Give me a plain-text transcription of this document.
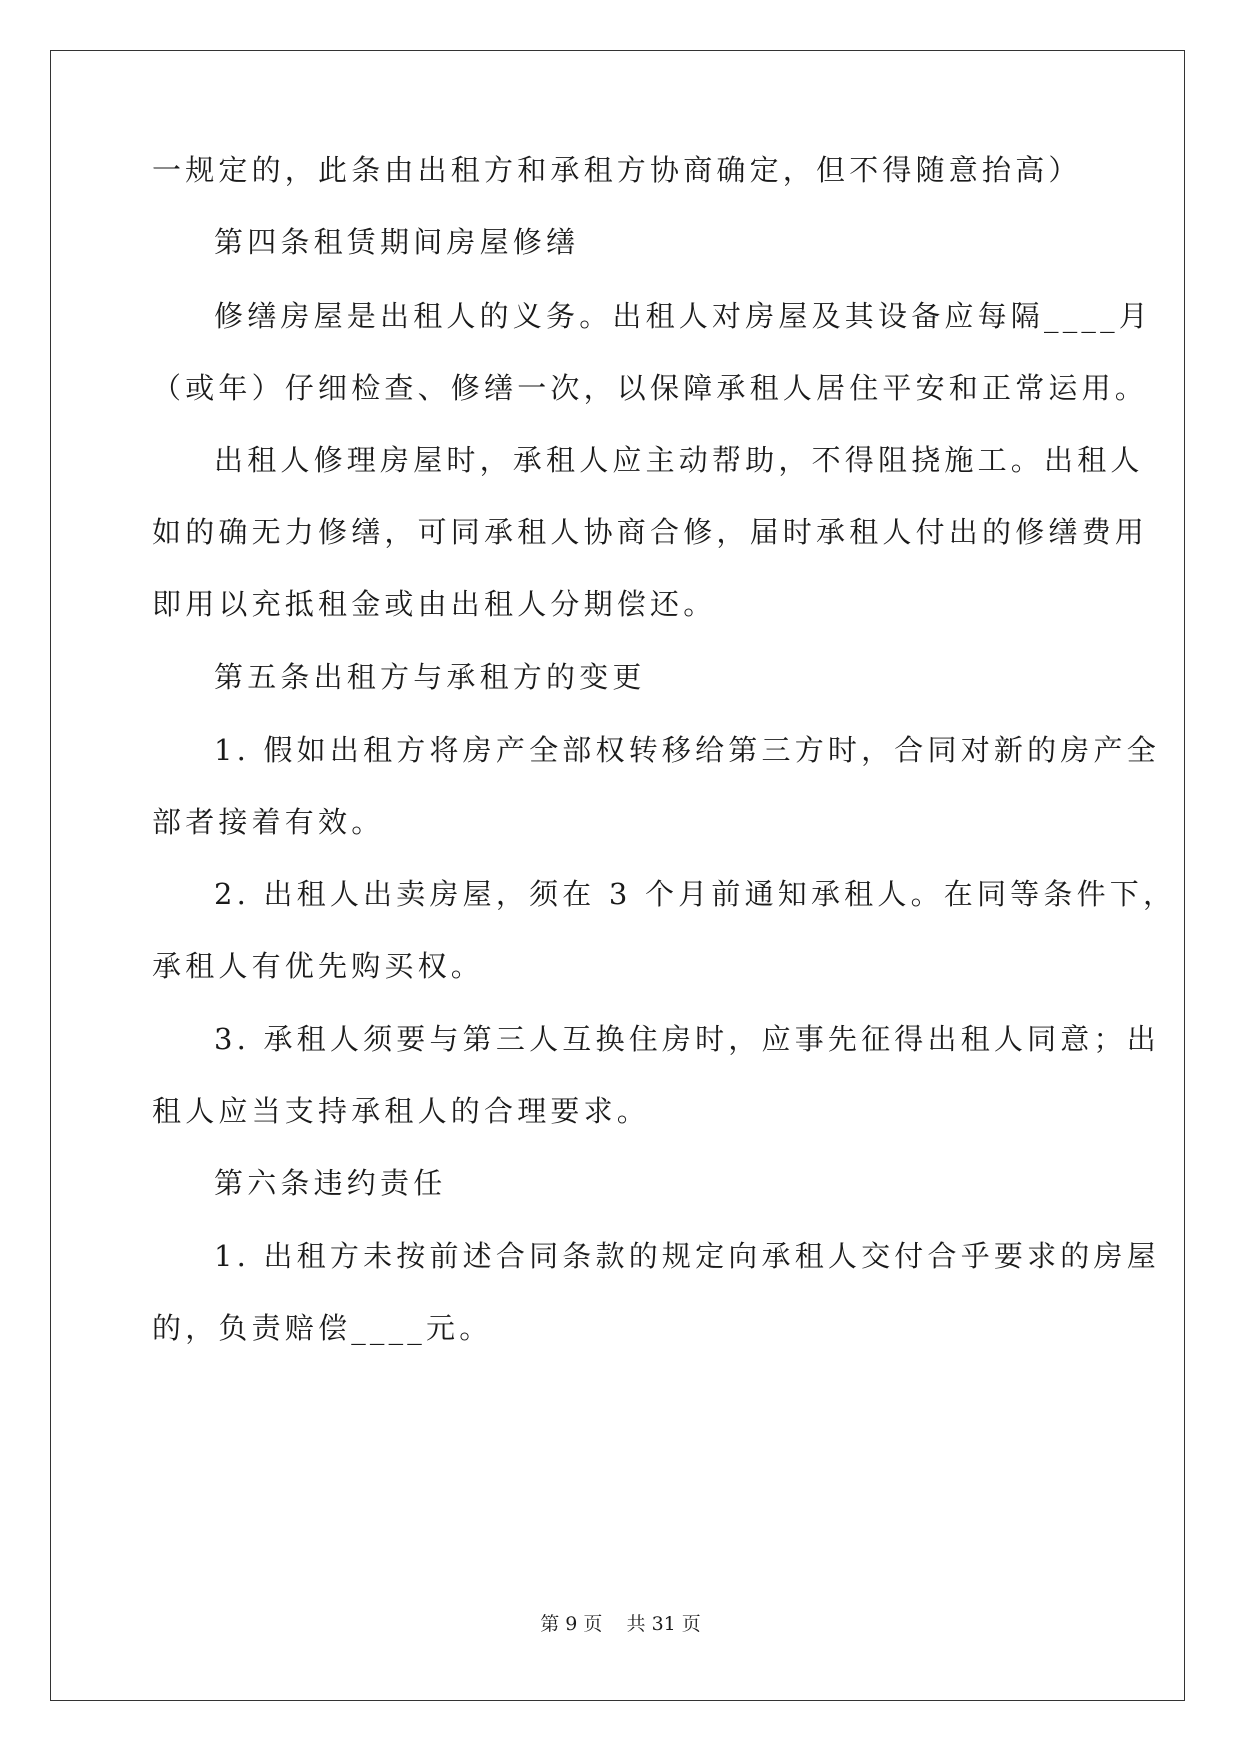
一规定的，此条由出租方和承租方协商确定，但不得随意抬高）
第四条租赁期间房屋修缮
修缮房屋是出租人的义务。出租人对房屋及其设备应每隔____月
（或年）仔细检查、修缮一次，以保障承租人居住平安和正常运用。
出租人修理房屋时，承租人应主动帮助，不得阻挠施工。出租人
如的确无力修缮，可同承租人协商合修，届时承租人付出的修缮费用
即用以充抵租金或由出租人分期偿还。
第五条出租方与承租方的变更
1. 假如出租方将房产全部权转移给第三方时，合同对新的房产全
部者接着有效。
2. 出租人出卖房屋，须在 3 个月前通知承租人。在同等条件下，
承租人有优先购买权。
3. 承租人须要与第三人互换住房时，应事先征得出租人同意；出
租人应当支持承租人的合理要求。
第六条违约责任
1. 出租方未按前述合同条款的规定向承租人交付合乎要求的房屋
的，负责赔偿____元。
第 9 页 共 31 页
